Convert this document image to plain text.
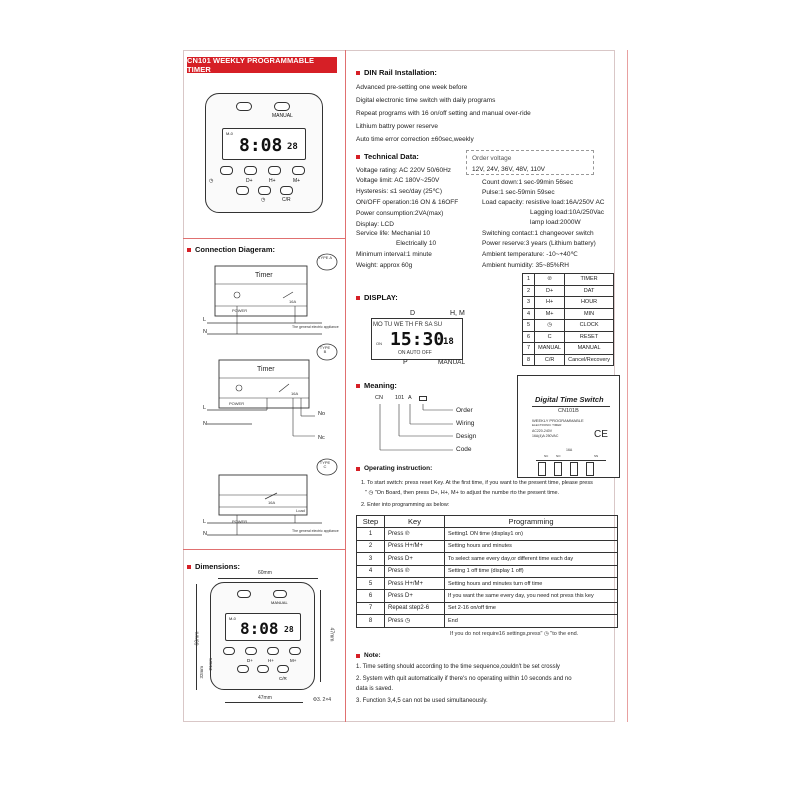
CN101 WEEKLY PROGRAMMABLE TIMER
MANUAL
M-0
8:08 28
◷	D+	H+	M+
◷	C/R
Connection Diageram:
TYPE A
Timer
POWER
16A
L
N
The general electric appliance
TYPE B
Timer
POWER
16A
L
N
No
Nc
TYPE C
16A
POWER
Load
L
N	The general electric appliance
Dimensions:
60mm
MANUAL
M-0
8:08 28
D+	H+	M+
C/R
47mm
60mm
32mm
21mm
47mm	Φ3. 2×4
DIN Rail Installation:
Advanced pre-setting one week before
Digital electronic time switch with daily programs
Repeat programs with 16 on/off setting and manual over-ride
Lithium battry power reserve
Auto time error correction ±60sec,weekly
Technical Data:	Order voltage
12V, 24V, 36V, 48V, 110V
Voltage rating: AC 220V 50/60Hz
Voltage limit: AC 180V~250V
Hysteresis: ≤1 sec/day (25℃)
ON/OFF operation:16 ON & 16OFF
Power consumption:2VA(max)
Display: LCD
Service life: Mechanial 10
Electrically 10
Minimum interval:1 minute
Weight: approx 60g
Count down:1 sec-99min 56sec
Pulse:1 sec-59min 59sec
Load capacity: resistive load:16A/250V AC
Lagging load:10A/250Vac
lamp load:2000W
Switching contact:1 changeover switch
Power reserve:3 years (Lithium battery)
Ambient temperature: -10~+40℃
Ambient humidity: 35~85%RH
DISPLAY:
D	H, M
MO TU WE TH FR SA SU
ON 15:30
18
ON AUTO OFF
P	MANUAL
1	℗	TIMER
2	D+	DAT
3	H+	HOUR
4	M+	MIN
5	◷	CLOCK
6	C	RESET
7	MANUAL	MANUAL
8	C/R	Cancel/Recovery
Meaning:
CN 101 A
Order
Wiring
Design
Code
Digital Time Switch
CN101B
WEEKLY PROGRAMMABLE
ELECTRONIC TIMER
AC220-240V
16A(4)A 250VAC	CE
NC	NO
16A
SN
Operating instruction:
1. To start switch: press reset Key. At the first time, if you want to the present time, please press
" ◷ "On Board, then press D+, H+, M+ to adjust the numbe rto the present time.
2. Enter into programming as below:
Step	Key	Programming
1	Press ℗	Setting1 ON time (display1 on)
2	Press H+/M+	Setting hours and minutes
3	Press D+	To select same every day,or different time each day
4	Press ℗	Setting 1 off time (display 1 off)
5	Press H+/M+	Setting hours and minutes turn off time
6	Press D+	If you want the same every day, you need not press this key
7	Repeat step2-6	Set 2-16 on/off time
8	Press ◷	End
If you do not require16 settings,press" ◷ "to the end.
Note:
1. Time setting should according to the time sequence,couldn't be set crossly
2. System with quit automatically if there's no operating within 10 seconds and no
data is saved.
3. Function 3,4,5 can not be used simultaneously.
